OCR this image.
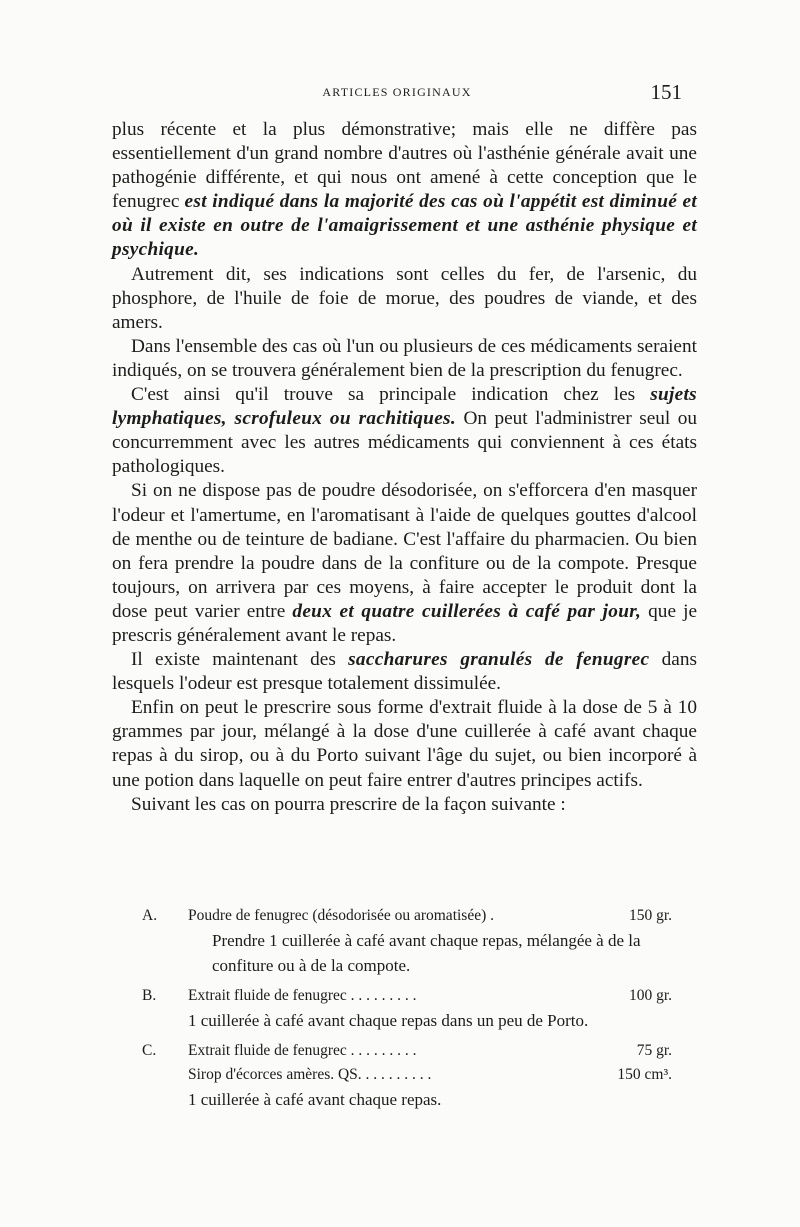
ARTICLES ORIGINAUX	151

plus récente et la plus démonstrative; mais elle ne diffère pas essentiellement d'un grand nombre d'autres où l'asthénie générale avait une pathogénie différente, et qui nous ont amené à cette conception que le fenugrec est indiqué dans la majorité des cas où l'appétit est diminué et où il existe en outre de l'amaigrissement et une asthénie physique et psychique.

Autrement dit, ses indications sont celles du fer, de l'arsenic, du phosphore, de l'huile de foie de morue, des poudres de viande, et des amers.

Dans l'ensemble des cas où l'un ou plusieurs de ces médicaments seraient indiqués, on se trouvera généralement bien de la prescription du fenugrec.

C'est ainsi qu'il trouve sa principale indication chez les sujets lymphatiques, scrofuleux ou rachitiques. On peut l'administrer seul ou concurremment avec les autres médicaments qui conviennent à ces états pathologiques.

Si on ne dispose pas de poudre désodorisée, on s'efforcera d'en masquer l'odeur et l'amertume, en l'aromatisant à l'aide de quelques gouttes d'alcool de menthe ou de teinture de badiane. C'est l'affaire du pharmacien. Ou bien on fera prendre la poudre dans de la confiture ou de la compote. Presque toujours, on arrivera par ces moyens, à faire accepter le produit dont la dose peut varier entre deux et quatre cuillerées à café par jour, que je prescris généralement avant le repas.

Il existe maintenant des saccharures granulés de fenugrec dans lesquels l'odeur est presque totalement dissimulée.

Enfin on peut le prescrire sous forme d'extrait fluide à la dose de 5 à 10 grammes par jour, mélangé à la dose d'une cuillerée à café avant chaque repas à du sirop, ou à du Porto suivant l'âge du sujet, ou bien incorporé à une potion dans laquelle on peut faire entrer d'autres principes actifs.

Suivant les cas on pourra prescrire de la façon suivante :

A.	Poudre de fenugrec (désodorisée ou aromatisée) .	150 gr.
Prendre 1 cuillerée à café avant chaque repas, mélangée à de la confiture ou à de la compote.
B.	Extrait fluide de fenugrec . . . . . . . . .	100 gr.
1 cuillerée à café avant chaque repas dans un peu de Porto.
C.	Extrait fluide de fenugrec . . . . . . . . .	75 gr.
Sirop d'écorces amères. QS. . . . . . . . . .	150 cm³.
1 cuillerée à café avant chaque repas.
